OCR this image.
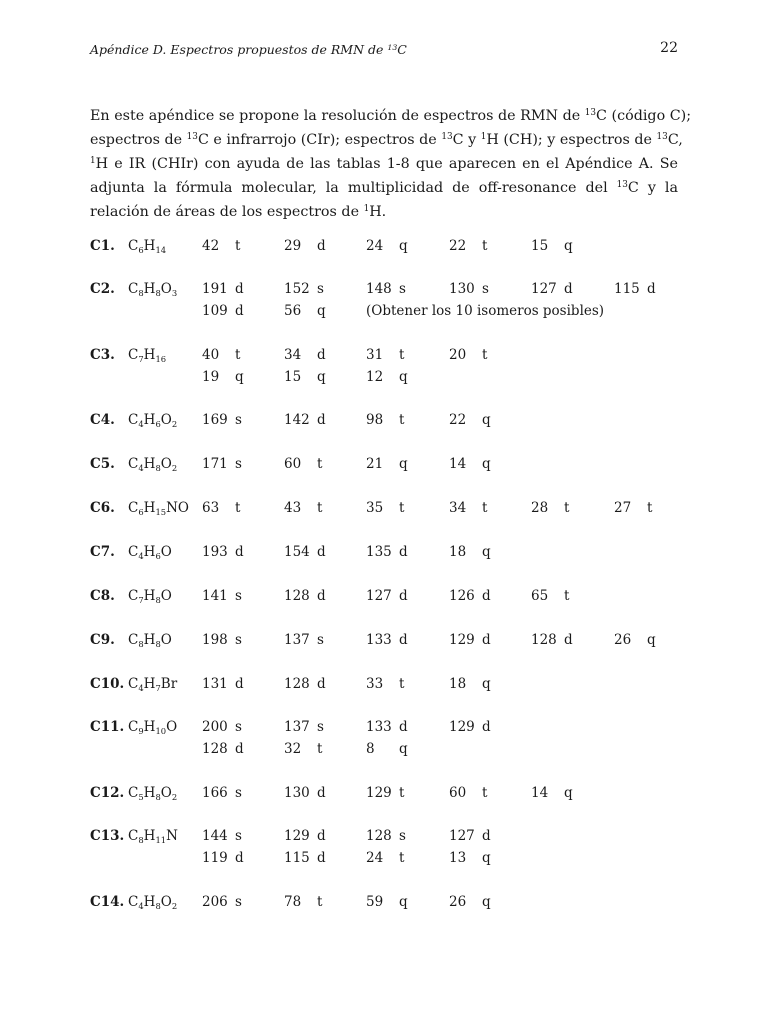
Apéndice D. Espectros propuestos de RMN de $^{13}$C	22
En este apéndice se propone la resolución de espectros de RMN de $^{13}$C (código C);
espectros de $^{13}$C e infrarrojo (CIr); espectros de $^{13}$C y $^1$H (CH); y espectros de $^{13}$C,
$^1$H e IR (CHIr) con ayuda de las tablas 1-8 que aparecen en el Apéndice A. Se
adjunta la fórmula molecular, la multiplicidad de off-resonance del $^{13}$C y la
relación de áreas de los espectros de $^1$H.
C1. $C_6H_{14}$	42 t	29 d	24 q	22 t	15 q
C2. $C_8H_8O_3$ 191 d	152 s	148 s	130 s	127 d	115 d
109 d	56 q	(Obtener los 10 isomeros posibles)
C3. $C_7H_{16}$	40 t	34 d	31 t	20 t
19 q	15 q	12 q
C4. $C_4H_6O_2$ 169 s	142 d	98 t	22 q
C5. $C_4H_8O_2$ 171 s	60 t	21 q	14 q
C6. $C_6H_{15}NO$ 63 t	43 t	35 t	34 t	28 t	27 t
C7. $C_4H_6O$ 193 d	154 d	135 d	18 q
C8. $C_7H_8O$ 141 s	128 d	127 d	126 d	65 t
C9. $C_8H_8O$ 198 s	137 s	133 d	129 d	128 d	26 q
C10. $C_4H_7Br$ 131 d	128 d	33 t	18 q
C11. $C_9H_{10}O$ 200 s	137 s	133 d	129 d
128 d	32 t	8 q
C12. $C_5H_8O_2$ 166 s	130 d	129 t	60 t	14 q
C13. $C_8H_{11}N$ 144 s	129 d	128 s	127 d
119 d	115 d	24 t	13 q
C14. $C_4H_8O_2$ 206 s	78 t	59 q	26 q
